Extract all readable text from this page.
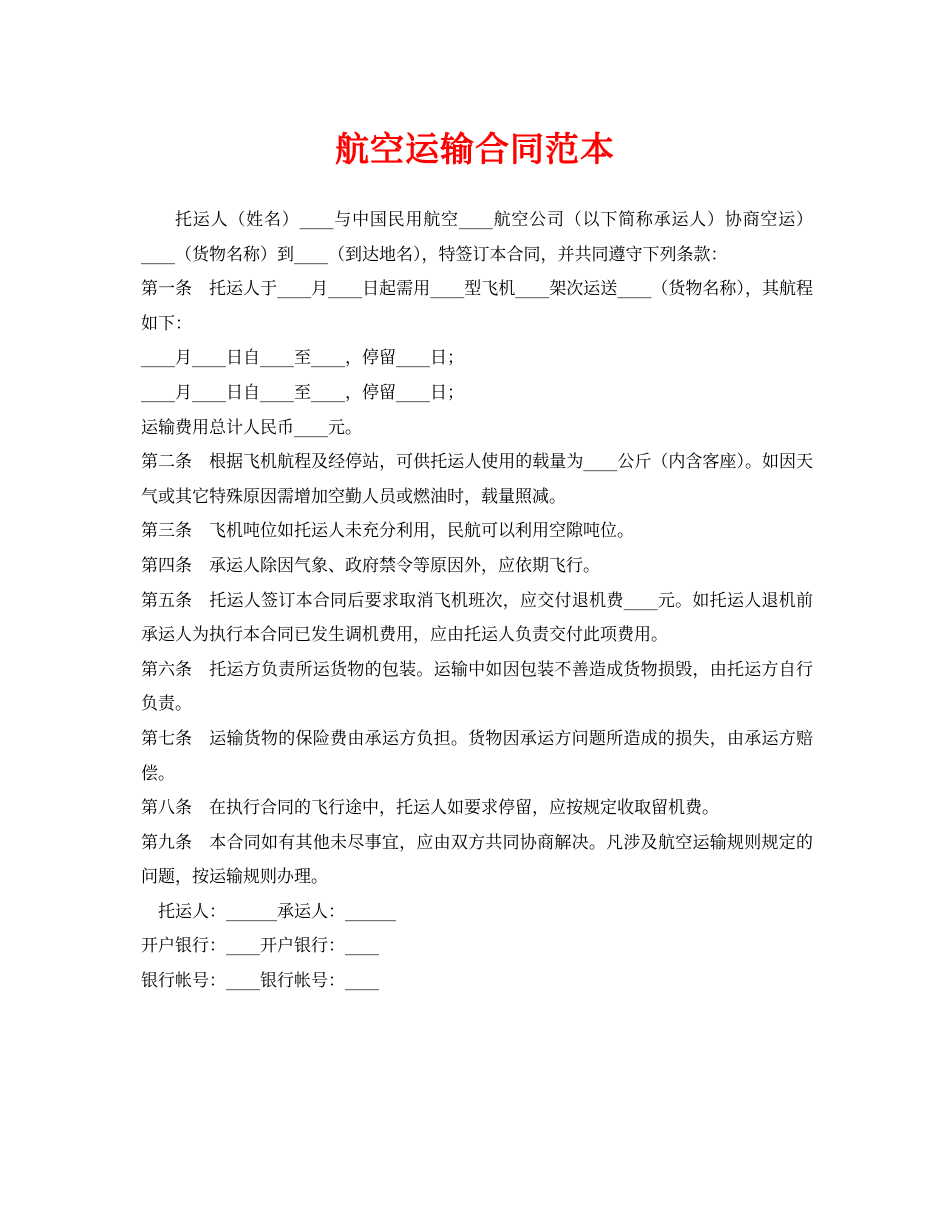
航空运输合同范本

托运人（姓名）____与中国民用航空____航空公司（以下简称承运人）协商空运）____（货物名称）到____（到达地名），特签订本合同，并共同遵守下列条款：

第一条 托运人于____月____日起需用____型飞机____架次运送____（货物名称），其航程如下：

____月____日自____至____，停留____日；

____月____日自____至____，停留____日；

运输费用总计人民币____元。

第二条 根据飞机航程及经停站，可供托运人使用的载量为____公斤（内含客座）。如因天气或其它特殊原因需增加空勤人员或燃油时，载量照减。

第三条 飞机吨位如托运人未充分利用，民航可以利用空隙吨位。

第四条 承运人除因气象、政府禁令等原因外，应依期飞行。

第五条 托运人签订本合同后要求取消飞机班次，应交付退机费____元。如托运人退机前承运人为执行本合同已发生调机费用，应由托运人负责交付此项费用。

第六条 托运方负责所运货物的包装。运输中如因包装不善造成货物损毁，由托运方自行负责。

第七条 运输货物的保险费由承运方负担。货物因承运方问题所造成的损失，由承运方赔偿。

第八条 在执行合同的飞行途中，托运人如要求停留，应按规定收取留机费。

第九条 本合同如有其他未尽事宜，应由双方共同协商解决。凡涉及航空运输规则规定的问题，按运输规则办理。

托运人：______承运人：______

开户银行：____开户银行：____

银行帐号：____银行帐号：____
